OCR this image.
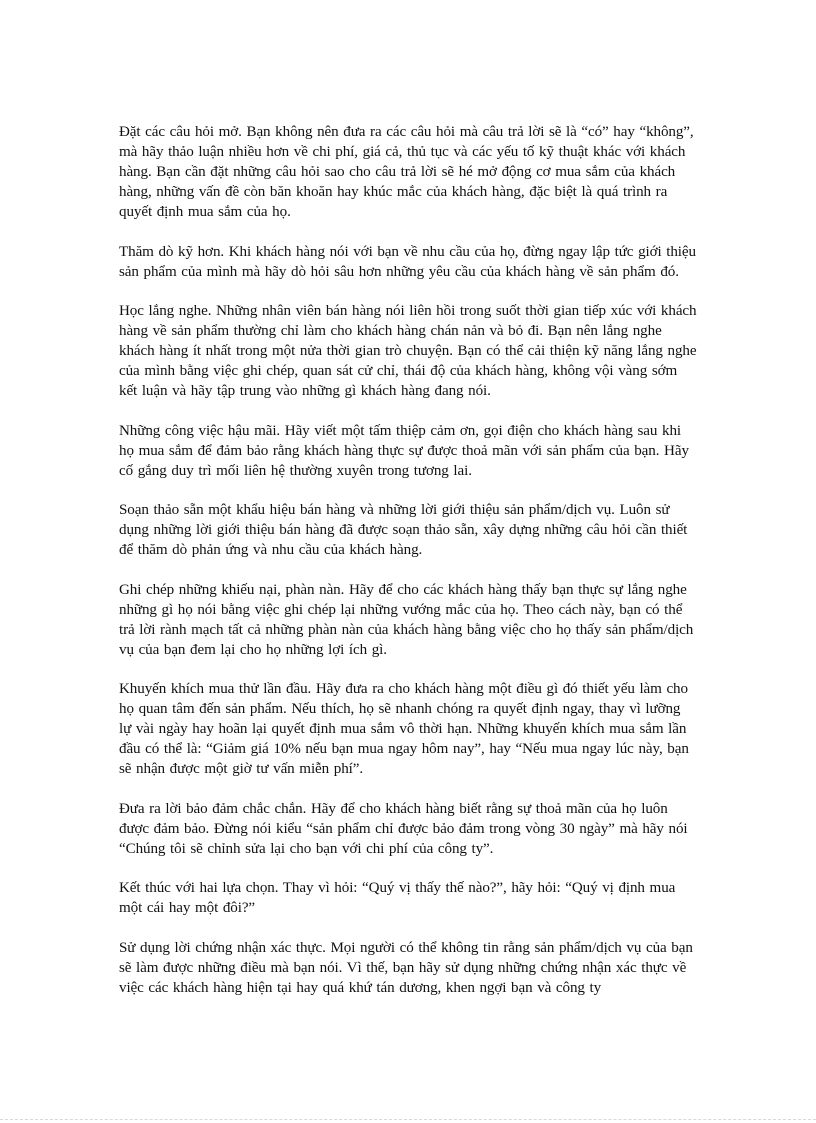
Đặt các câu hỏi mở. Bạn không nên đưa ra các câu hỏi mà câu trả lời sẽ là “có” hay “không”, mà hãy thảo luận nhiều hơn về chi phí, giá cả, thủ tục và các yếu tố kỹ thuật khác với khách hàng. Bạn cần đặt những câu hỏi sao cho câu trả lời sẽ hé mở động cơ mua sắm của khách hàng, những vấn đề còn băn khoăn hay khúc mắc của khách hàng, đặc biệt là quá trình ra quyết định mua sắm của họ.

Thăm dò kỹ hơn. Khi khách hàng nói với bạn về nhu cầu của họ, đừng ngay lập tức giới thiệu sản phẩm của mình mà hãy dò hỏi sâu hơn những yêu cầu của khách hàng về sản phẩm đó.

Học lắng nghe. Những nhân viên bán hàng nói liên hồi trong suốt thời gian tiếp xúc với khách hàng về sản phẩm thường chỉ làm cho khách hàng chán nản và bỏ đi. Bạn nên lắng nghe khách hàng ít nhất trong một nửa thời gian trò chuyện. Bạn có thể cải thiện kỹ năng lắng nghe của mình bằng việc ghi chép, quan sát cử chỉ, thái độ của khách hàng, không vội vàng sớm kết luận và hãy tập trung vào những gì khách hàng đang nói.

Những công việc hậu mãi. Hãy viết một tấm thiệp cảm ơn, gọi điện cho khách hàng sau khi họ mua sắm để đảm bảo rằng khách hàng thực sự được thoả mãn với sản phẩm của bạn. Hãy cố gắng duy trì mối liên hệ thường xuyên trong tương lai.

Soạn thảo sẵn một khẩu hiệu bán hàng và những lời giới thiệu sản phẩm/dịch vụ. Luôn sử dụng những lời giới thiệu bán hàng đã được soạn thảo sẵn, xây dựng những câu hỏi cần thiết để thăm dò phản ứng và nhu cầu của khách hàng.

Ghi chép những khiếu nại, phàn nàn. Hãy để cho các khách hàng thấy bạn thực sự lắng nghe những gì họ nói bằng việc ghi chép lại những vướng mắc của họ. Theo cách này, bạn có thể trả lời rành mạch tất cả những phàn nàn của khách hàng bằng việc cho họ thấy sản phẩm/dịch vụ của bạn đem lại cho họ những lợi ích gì.

Khuyến khích mua thử lần đầu. Hãy đưa ra cho khách hàng một điều gì đó thiết yếu làm cho họ quan tâm đến sản phẩm. Nếu thích, họ sẽ nhanh chóng ra quyết định ngay, thay vì lưỡng lự vài ngày hay hoãn lại quyết định mua sắm vô thời hạn. Những khuyến khích mua sắm lần đầu có thể là: “Giảm giá 10% nếu bạn mua ngay hôm nay”, hay “Nếu mua ngay lúc này, bạn sẽ nhận được một giờ tư vấn miễn phí”.

Đưa ra lời bảo đảm chắc chắn. Hãy để cho khách hàng biết rằng sự thoả mãn của họ luôn được đảm bảo. Đừng nói kiểu “sản phẩm chỉ được bảo đảm trong vòng 30 ngày” mà hãy nói “Chúng tôi sẽ chỉnh sửa lại cho bạn với chi phí của công ty”.

Kết thúc với hai lựa chọn. Thay vì hỏi: “Quý vị thấy thế nào?”, hãy hỏi: “Quý vị định mua một cái hay một đôi?”

Sử dụng lời chứng nhận xác thực. Mọi người có thể không tin rằng sản phẩm/dịch vụ của bạn sẽ làm được những điều mà bạn nói. Vì thế, bạn hãy sử dụng những chứng nhận xác thực về việc các khách hàng hiện tại hay quá khứ tán dương, khen ngợi bạn và công ty
